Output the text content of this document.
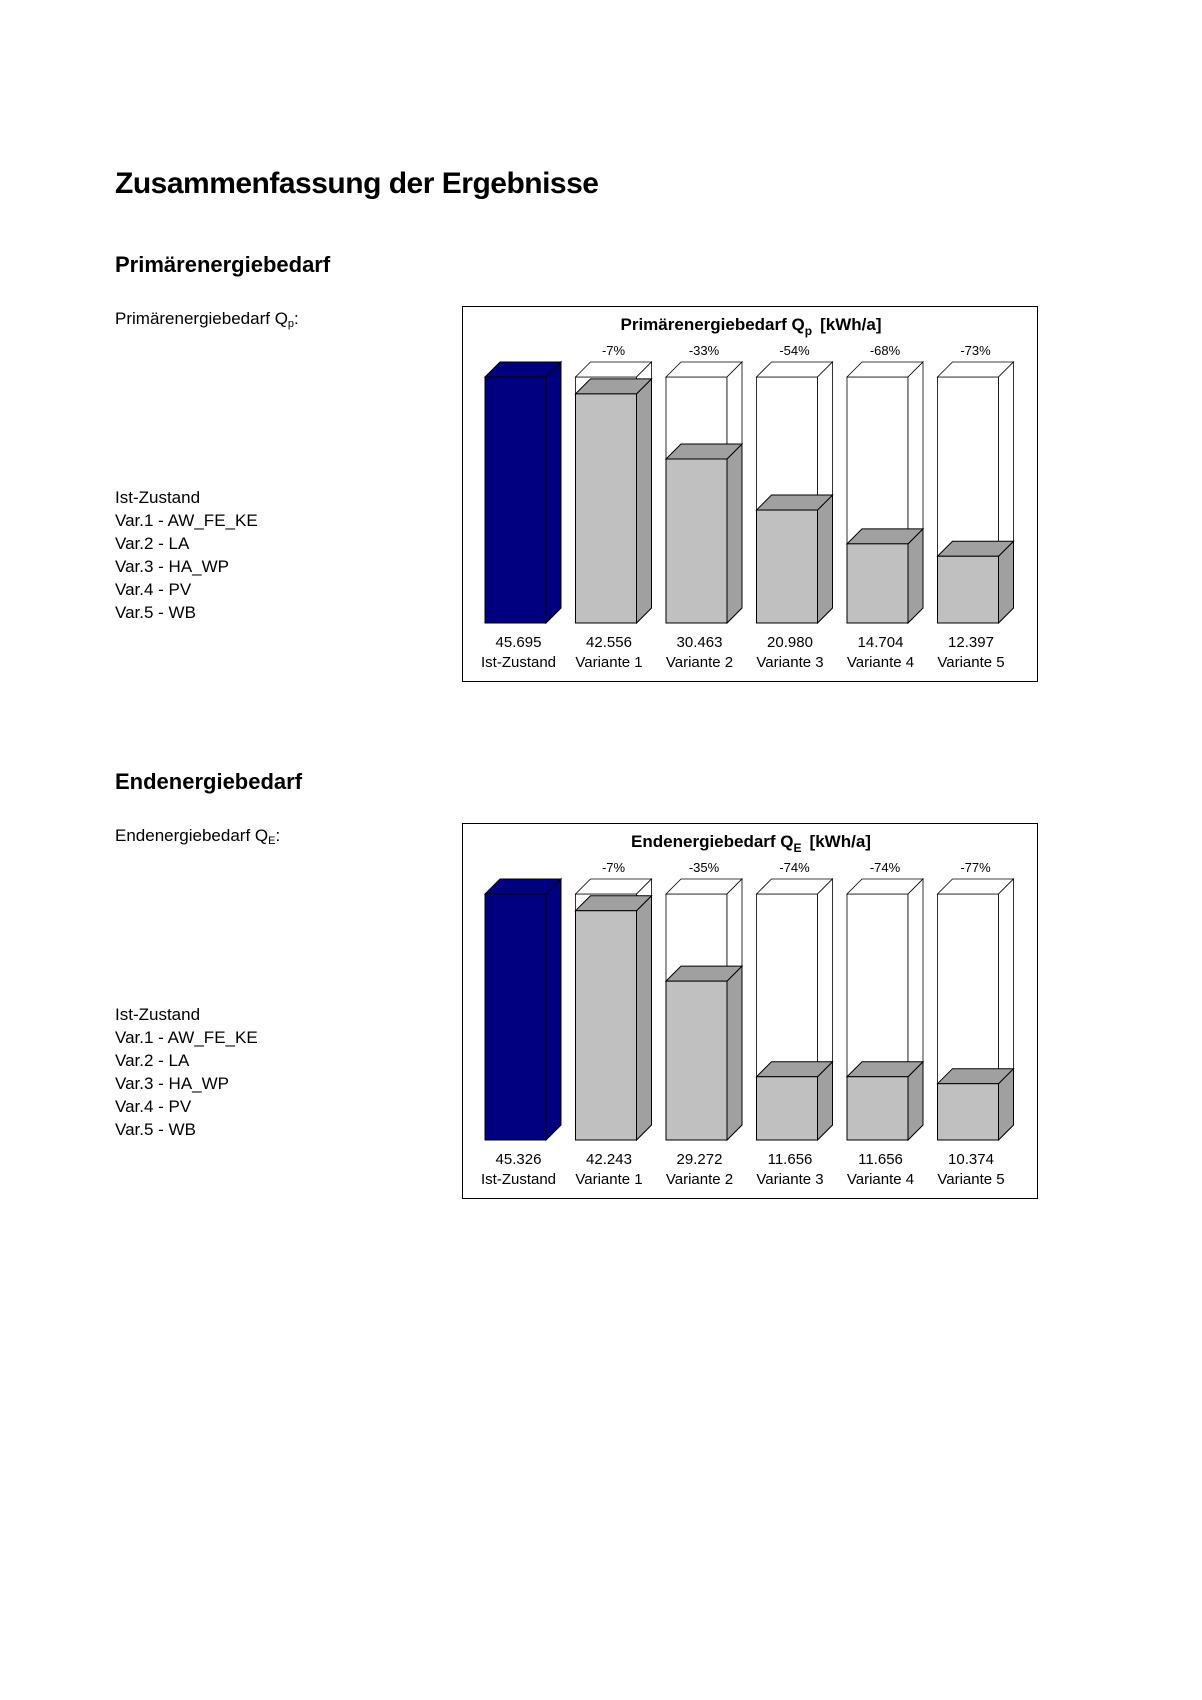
Zusammenfassung der Ergebnisse
Primärenergiebedarf
Primärenergiebedarf $Q_p$:
Ist-Zustand
Var.1 - AW_FE_KE
Var.2 - LA
Var.3 - HA_WP
Var.4 - PV
Var.5 - WB
Primärenergiebedarf $Q_p$ [kWh/a]
45.695
Ist-Zustand
-7%
42.556
Variante 1
-33%
30.463
Variante 2
-54%
20.980
Variante 3
-68%
14.704
Variante 4
-73%
12.397
Variante 5
Endenergiebedarf
Endenergiebedarf $Q_E$:
Ist-Zustand
Var.1 - AW_FE_KE
Var.2 - LA
Var.3 - HA_WP
Var.4 - PV
Var.5 - WB
Endenergiebedarf $Q_E$ [kWh/a]
45.326
Ist-Zustand
-7%
42.243
Variante 1
-35%
29.272
Variante 2
-74%
11.656
Variante 3
-74%
11.656
Variante 4
-77%
10.374
Variante 5
